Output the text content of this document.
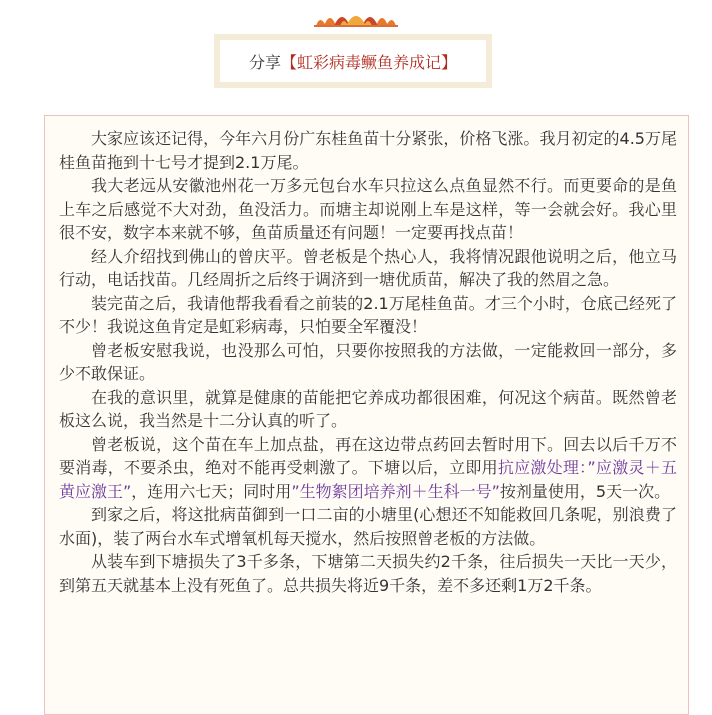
分享 【虹彩病毒鳜鱼养成记】

大家应该还记得，今年六月份广东桂鱼苗十分紧张，价格飞涨。我月初定的4.5万尾桂鱼苗拖到十七号才提到2.1万尾。

我大老远从安徽池州花一万多元包台水车只拉这么点鱼显然不行。而更要命的是鱼上车之后感觉不大对劲，鱼没活力。而塘主却说刚上车是这样，等一会就会好。我心里很不安，数字本来就不够，鱼苗质量还有问题！一定要再找点苗！

经人介绍找到佛山的曾庆平。曾老板是个热心人，我将情况跟他说明之后，他立马行动，电话找苗。几经周折之后终于调济到一塘优质苗，解决了我的然眉之急。

装完苗之后，我请他帮我看看之前装的2.1万尾桂鱼苗。才三个小时，仓底己经死了不少！我说这鱼肯定是虹彩病毒，只怕要全军覆没！

曾老板安慰我说，也没那么可怕，只要你按照我的方法做，一定能救回一部分，多少不敢保证。

在我的意识里，就算是健康的苗能把它养成功都很困难，何况这个病苗。既然曾老板这么说，我当然是十二分认真的听了。

曾老板说，这个苗在车上加点盐，再在这边带点药回去暂时用下。回去以后千万不要消毒，不要杀虫，绝对不能再受刺激了。下塘以后，立即用抗应激处理：”应激灵＋五黄应激王”，连用六七天；同时用”生物絮团培养剂＋生科一号”按剂量使用，5天一次。

到家之后，将这批病苗御到一口二亩的小塘里(心想还不知能救回几条呢，别浪费了水面)，装了两台水车式增氧机每天搅水，然后按照曾老板的方法做。

从装车到下塘损失了3千多条，下塘第二天损失约2千条，往后损失一天比一天少，到第五天就基本上没有死鱼了。总共损失将近9千条，差不多还剩1万2千条。
